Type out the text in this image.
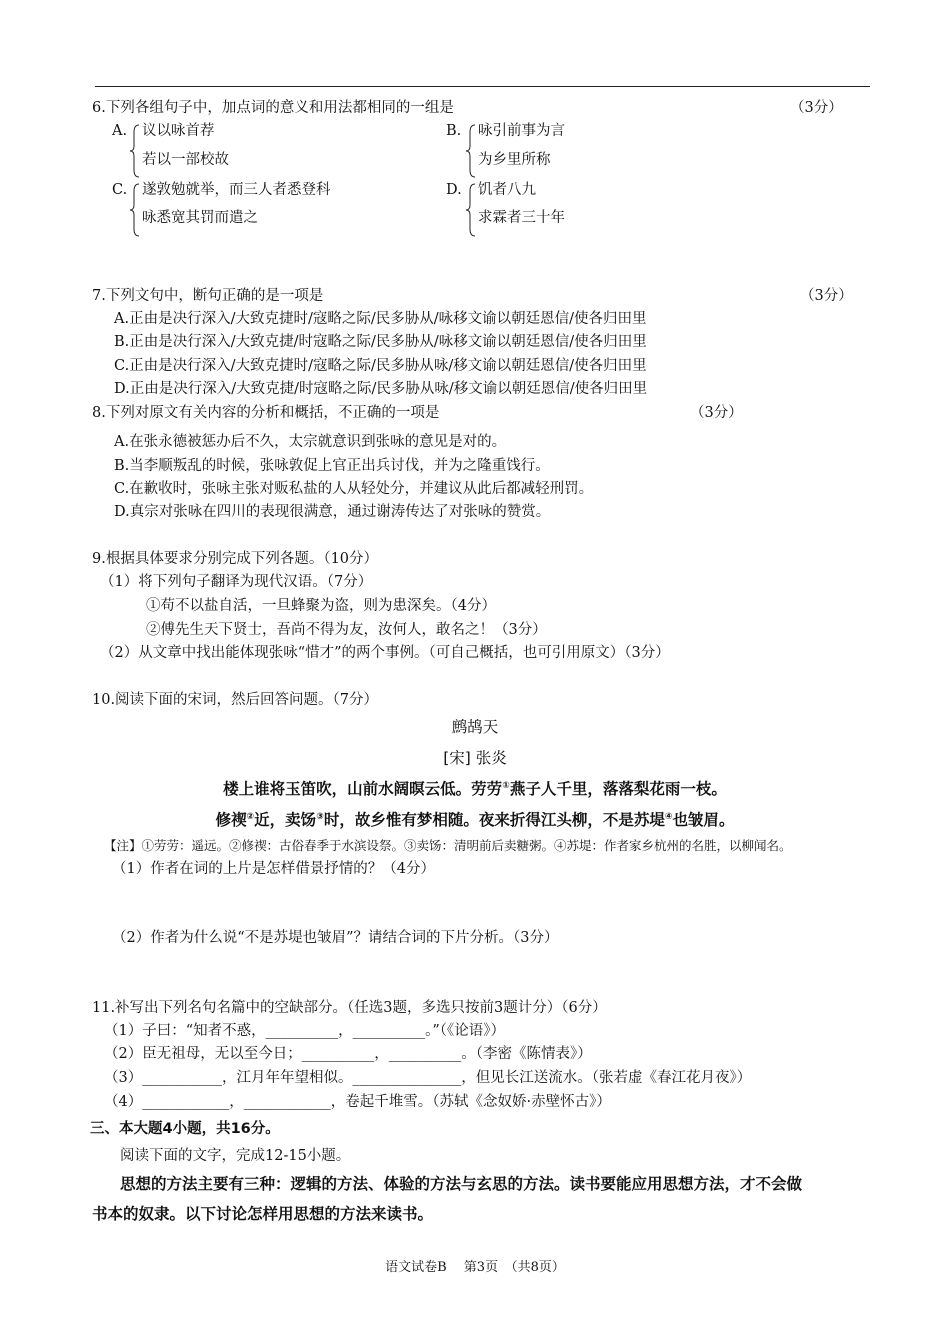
6.下列各组句子中，加点词的意义和用法都相同的一组是	（3分）
A. 议以咏首荐
若以一部校故
B. 咏引前事为言
为乡里所称
C. 遂敦勉就举，而三人者悉登科
咏悉宽其罚而遣之
D. 饥者八九
求霖者三十年
7.下列文句中，断句正确的是一项是	（3分）
A.正由是决行深入/大致克捷时/寇略之际/民多胁从/咏移文谕以朝廷恩信/使各归田里
B.正由是决行深入/大致克捷/时寇略之际/民多胁从/咏移文谕以朝廷恩信/使各归田里
C.正由是决行深入/大致克捷时/寇略之际/民多胁从咏/移文谕以朝廷恩信/使各归田里
D.正由是决行深入/大致克捷/时寇略之际/民多胁从咏/移文谕以朝廷恩信/使各归田里
8.下列对原文有关内容的分析和概括，不正确的一项是	（3分）
A.在张永德被惩办后不久，太宗就意识到张咏的意见是对的。
B.当李顺叛乱的时候，张咏敦促上官正出兵讨伐，并为之隆重饯行。
C.在歉收时，张咏主张对贩私盐的人从轻处分，并建议从此后都减轻刑罚。
D.真宗对张咏在四川的表现很满意，通过谢涛传达了对张咏的赞赏。
9.根据具体要求分别完成下列各题。（10分）
（1）将下列句子翻译为现代汉语。（7分）
①苟不以盐自活，一旦蜂聚为盗，则为患深矣。（4分）
②傅先生天下贤士，吾尚不得为友，汝何人，敢名之！（3分）
（2）从文章中找出能体现张咏“惜才”的两个事例。（可自己概括，也可引用原文）（3分）
10.阅读下面的宋词，然后回答问题。（7分）
鹧鸪天
[宋] 张炎
楼上谁将玉笛吹，山前水阔暝云低。劳劳①燕子人千里，落落梨花雨一枝。
修禊②近，卖饧③时，故乡惟有梦相随。夜来折得江头柳，不是苏堤④也皱眉。
【注】①劳劳：遥远。②修禊：古俗春季于水滨设祭。③卖饧：清明前后卖糖粥。④苏堤：作者家乡杭州的名胜，以柳闻名。
（1）作者在词的上片是怎样借景抒情的？（4分）
（2）作者为什么说“不是苏堤也皱眉”？请结合词的下片分析。（3分）
11.补写出下列名句名篇中的空缺部分。（任选3题，多选只按前3题计分）（6分）
（1）子曰：“知者不惑，__________，__________。”（《论语》）
（2）臣无祖母，无以至今日；__________，__________。（李密《陈情表》）
（3）___________，江月年年望相似。_______________，但见长江送流水。（张若虚《春江花月夜》）
（4）____________，____________，卷起千堆雪。（苏轼《念奴娇·赤壁怀古》）
三、本大题4小题，共16分。
阅读下面的文字，完成12-15小题。
思想的方法主要有三种：逻辑的方法、体验的方法与玄思的方法。读书要能应用思想方法，才不会做
书本的奴隶。以下讨论怎样用思想的方法来读书。
语文试卷B　 第3页　（共8页）
